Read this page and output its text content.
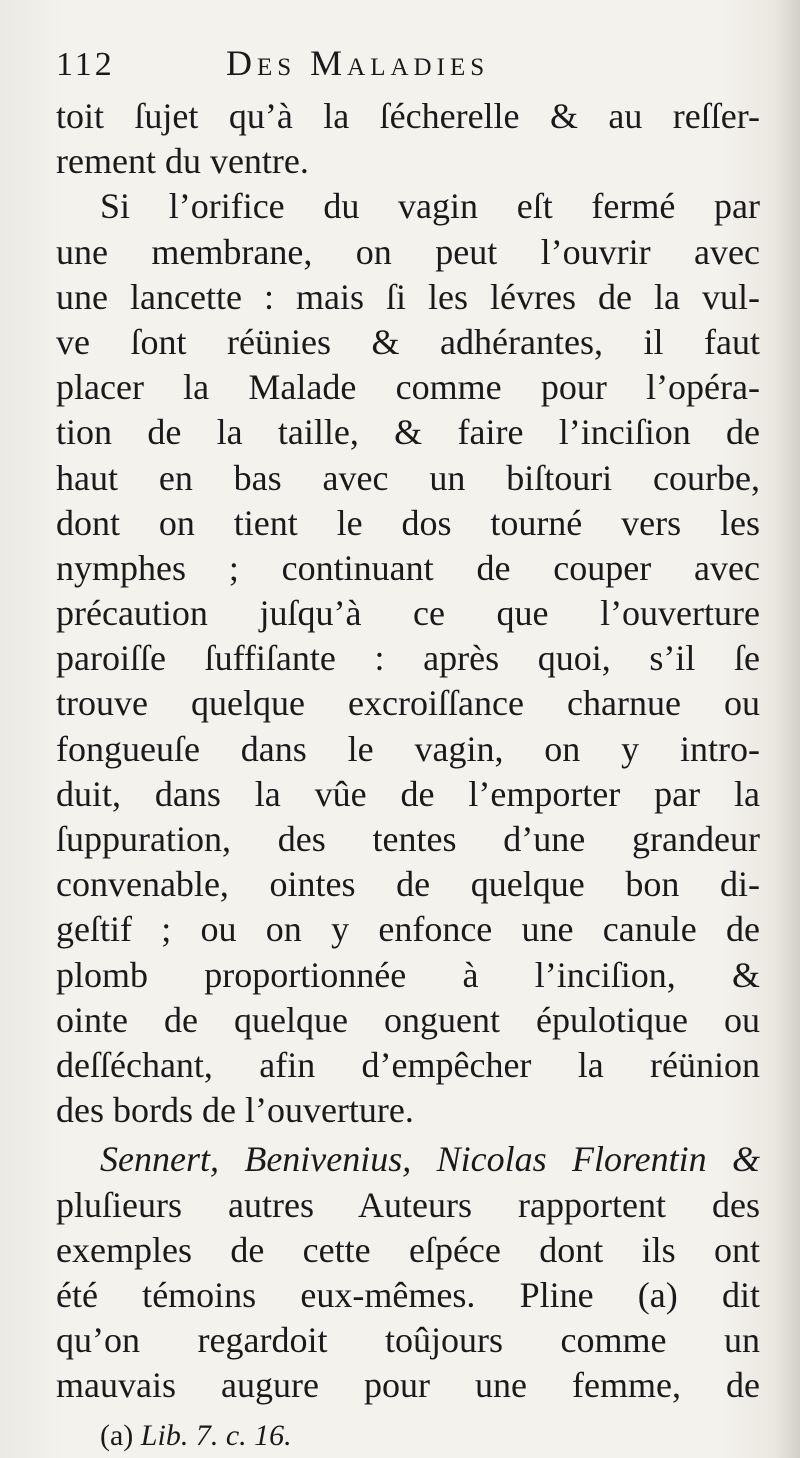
112	Des Maladies
toit ſujet qu’à la ſécherelle & au reſſer-
rement du ventre.
Si l’orifice du vagin eſt fermé par
une membrane, on peut l’ouvrir avec
une lancette : mais ſi les lévres de la vul-
ve ſont réünies & adhérantes, il faut
placer la Malade comme pour l’opéra-
tion de la taille, & faire l’inciſion de
haut en bas avec un biſtouri courbe,
dont on tient le dos tourné vers les
nymphes ; continuant de couper avec
précaution juſqu’à ce que l’ouverture
paroiſſe ſuffiſante : après quoi, s’il ſe
trouve quelque excroiſſance charnue ou
fongueuſe dans le vagin, on y intro-
duit, dans la vûe de l’emporter par la
ſuppuration, des tentes d’une grandeur
convenable, ointes de quelque bon di-
geſtif ; ou on y enfonce une canule de
plomb proportionnée à l’inciſion, &
ointe de quelque onguent épulotique ou
deſſéchant, afin d’empêcher la réünion
des bords de l’ouverture.
Sennert, Benivenius, Nicolas Florentin &
pluſieurs autres Auteurs rapportent des
exemples de cette eſpéce dont ils ont
été témoins eux-mêmes. Pline (a) dit
qu’on regardoit toûjours comme un
mauvais augure pour une femme, de
(a) Lib. 7. c. 16.
